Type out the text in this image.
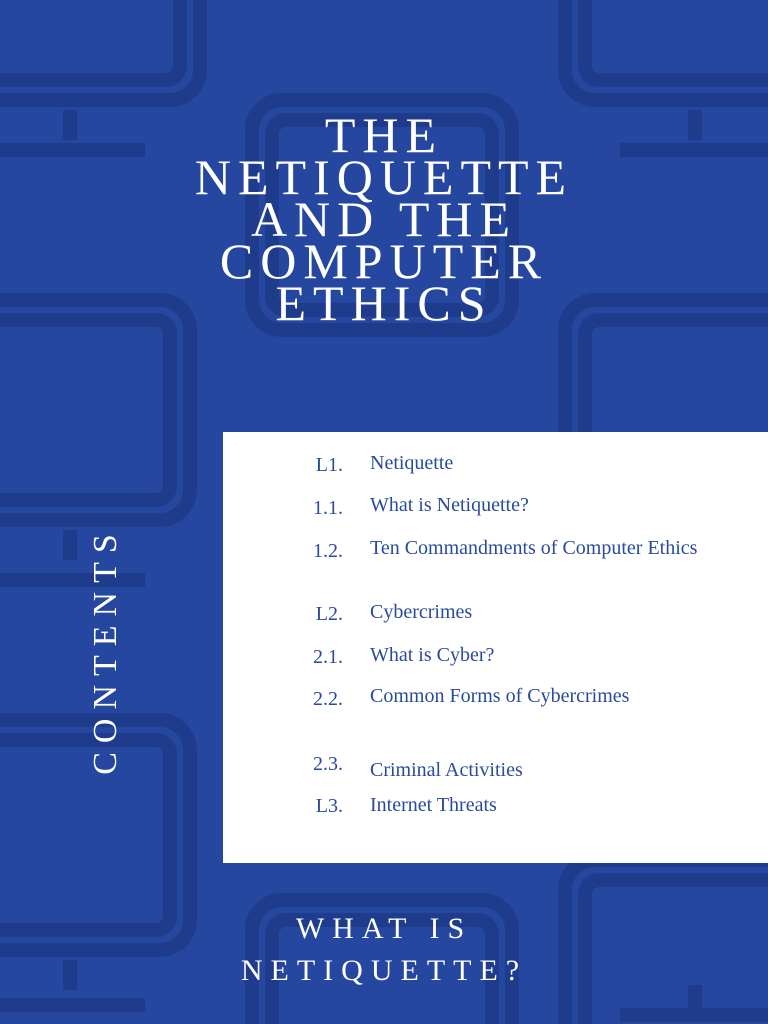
THE
NETIQUETTE
AND THE
COMPUTER
ETHICS
CONTENTS
L1. Netiquette
1.1. What is Netiquette?
1.2. Ten Commandments of Computer Ethics
L2. Cybercrimes
2.1. What is Cyber?
2.2. Common Forms of Cybercrimes
2.3. Criminal Activities
L3. Internet Threats
WHAT IS
NETIQUETTE?
